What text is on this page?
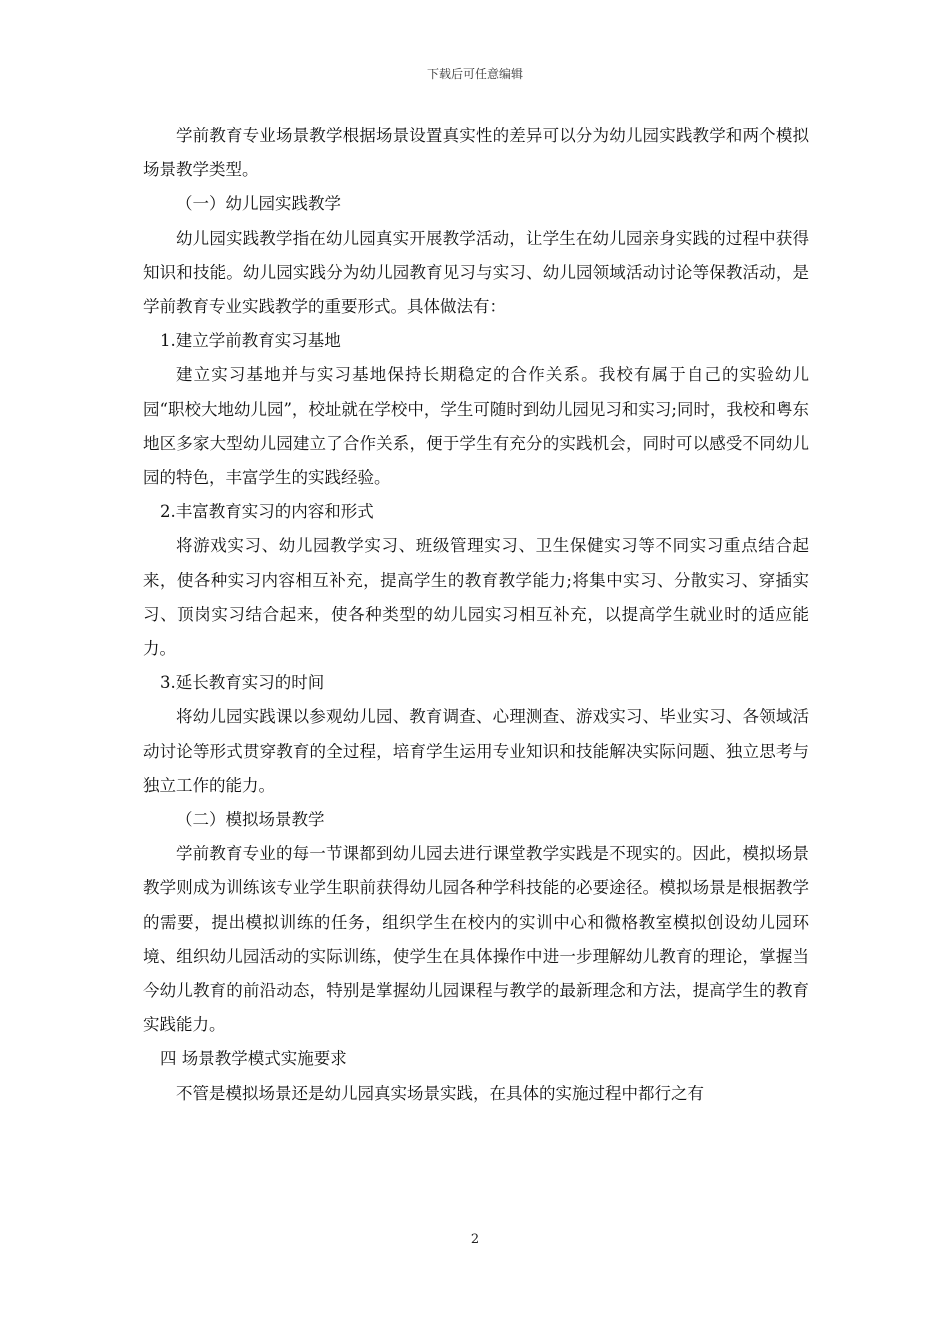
下载后可任意编辑

学前教育专业场景教学根据场景设置真实性的差异可以分为幼儿园实践教学和两个模拟场景教学类型。

（一）幼儿园实践教学

幼儿园实践教学指在幼儿园真实开展教学活动，让学生在幼儿园亲身实践的过程中获得知识和技能。幼儿园实践分为幼儿园教育见习与实习、幼儿园领域活动讨论等保教活动，是学前教育专业实践教学的重要形式。具体做法有：

1.建立学前教育实习基地

建立实习基地并与实习基地保持长期稳定的合作关系。我校有属于自己的实验幼儿园“职校大地幼儿园”，校址就在学校中，学生可随时到幼儿园见习和实习;同时，我校和粤东地区多家大型幼儿园建立了合作关系，便于学生有充分的实践机会，同时可以感受不同幼儿园的特色，丰富学生的实践经验。

2.丰富教育实习的内容和形式

将游戏实习、幼儿园教学实习、班级管理实习、卫生保健实习等不同实习重点结合起来，使各种实习内容相互补充，提高学生的教育教学能力;将集中实习、分散实习、穿插实习、顶岗实习结合起来，使各种类型的幼儿园实习相互补充，以提高学生就业时的适应能力。

3.延长教育实习的时间

将幼儿园实践课以参观幼儿园、教育调查、心理测查、游戏实习、毕业实习、各领域活动讨论等形式贯穿教育的全过程，培育学生运用专业知识和技能解决实际问题、独立思考与独立工作的能力。

（二）模拟场景教学

学前教育专业的每一节课都到幼儿园去进行课堂教学实践是不现实的。因此，模拟场景教学则成为训练该专业学生职前获得幼儿园各种学科技能的必要途径。模拟场景是根据教学的需要，提出模拟训练的任务，组织学生在校内的实训中心和微格教室模拟创设幼儿园环境、组织幼儿园活动的实际训练，使学生在具体操作中进一步理解幼儿教育的理论，掌握当今幼儿教育的前沿动态，特别是掌握幼儿园课程与教学的最新理念和方法，提高学生的教育实践能力。

四 场景教学模式实施要求

不管是模拟场景还是幼儿园真实场景实践，在具体的实施过程中都行之有

2
